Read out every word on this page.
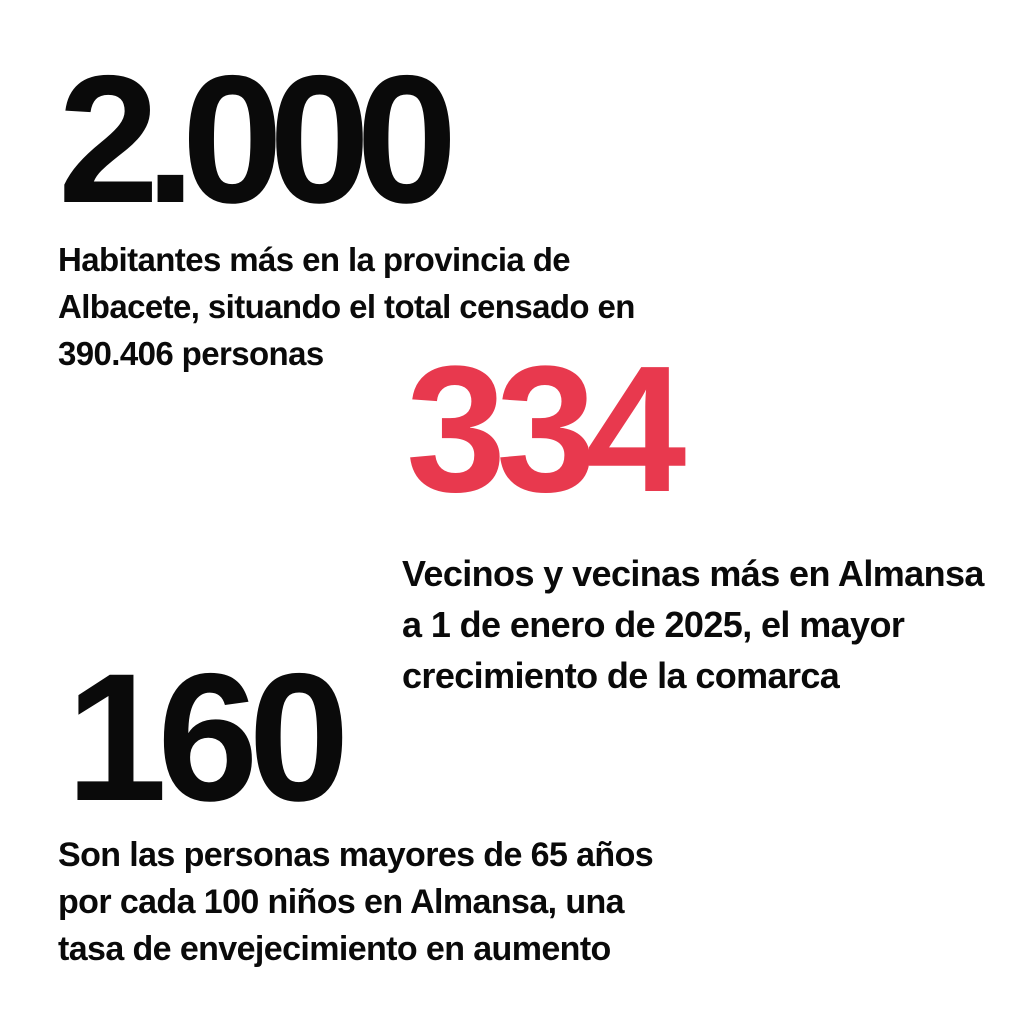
2.000
Habitantes más en la provincia de
Albacete, situando el total censado en
390.406 personas 334
Vecinos y vecinas más en Almansa
a 1 de enero de 2025, el mayor
crecimiento de la comarca
160
Son las personas mayores de 65 años
por cada 100 niños en Almansa, una
tasa de envejecimiento en aumento
